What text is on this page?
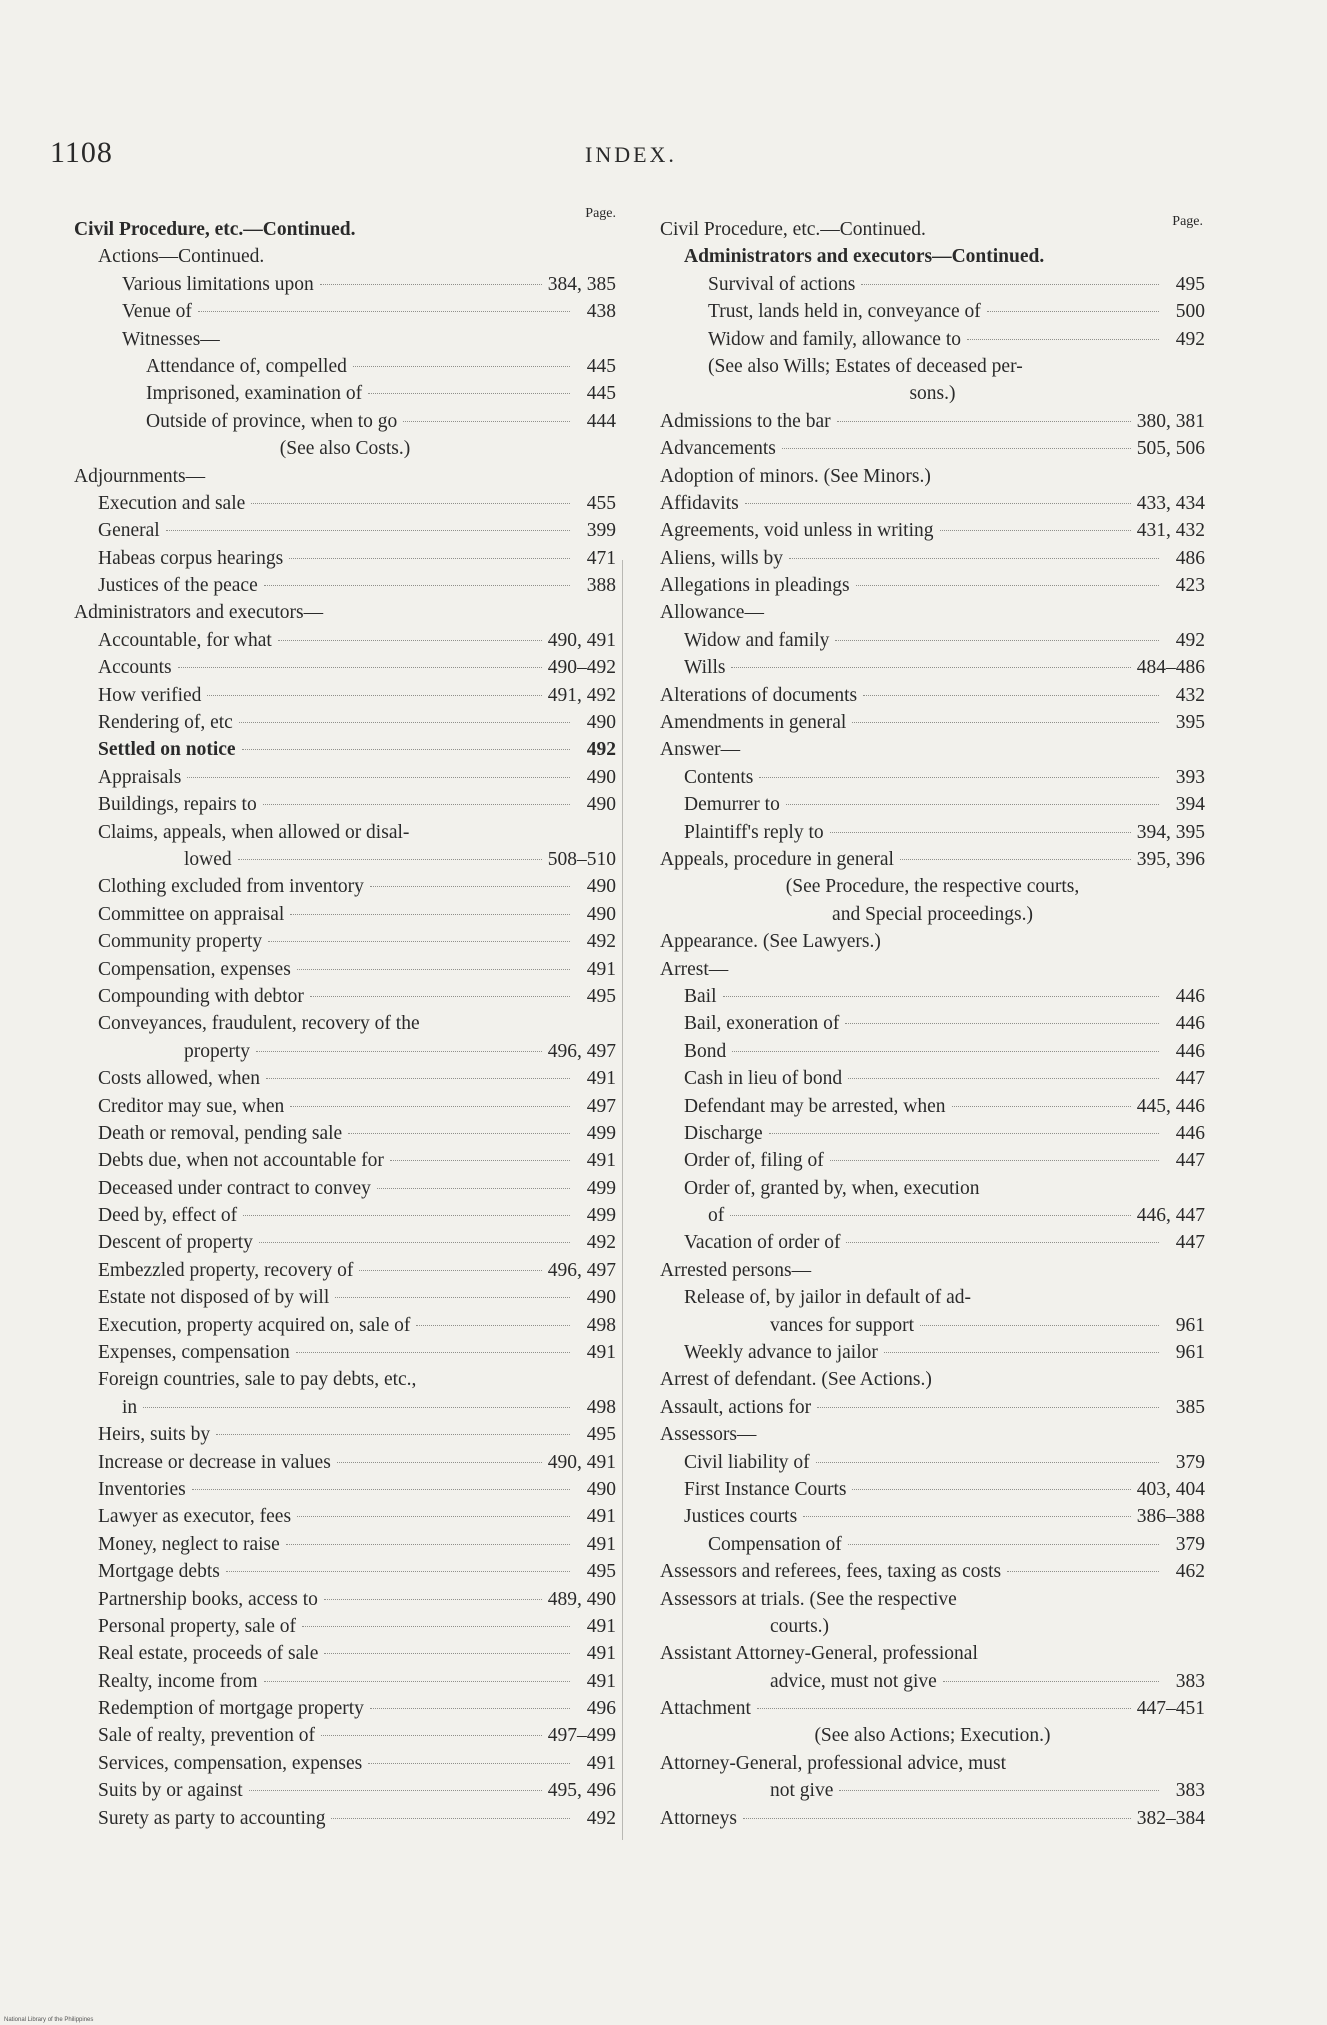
1108	INDEX.
Page.
Civil Procedure, etc.—Continued.
Actions—Continued.
Various limitations upon	384, 385
Venue of	438
Witnesses—
Attendance of, compelled	445
Imprisoned, examination of	445
Outside of province, when to go	444
(See also Costs.)
Adjournments—
Execution and sale	455
General	399
Habeas corpus hearings	471
Justices of the peace	388
Administrators and executors—
Accountable, for what	490, 491
Accounts	490–492
How verified	491, 492
Rendering of, etc	490
Settled on notice	492
Appraisals	490
Buildings, repairs to	490
Claims, appeals, when allowed or disal-
lowed	508–510
Clothing excluded from inventory	490
Committee on appraisal	490
Community property	492
Compensation, expenses	491
Compounding with debtor	495
Conveyances, fraudulent, recovery of the
property	496, 497
Costs allowed, when	491
Creditor may sue, when	497
Death or removal, pending sale	499
Debts due, when not accountable for	491
Deceased under contract to convey	499
Deed by, effect of	499
Descent of property	492
Embezzled property, recovery of	496, 497
Estate not disposed of by will	490
Execution, property acquired on, sale of	498
Expenses, compensation	491
Foreign countries, sale to pay debts, etc.,
in	498
Heirs, suits by	495
Increase or decrease in values	490, 491
Inventories	490
Lawyer as executor, fees	491
Money, neglect to raise	491
Mortgage debts	495
Partnership books, access to	489, 490
Personal property, sale of	491
Real estate, proceeds of sale	491
Realty, income from	491
Redemption of mortgage property	496
Sale of realty, prevention of	497–499
Services, compensation, expenses	491
Suits by or against	495, 496
Surety as party to accounting	492
Page.
Civil Procedure, etc.—Continued.
Administrators and executors—Continued.
Survival of actions	495
Trust, lands held in, conveyance of	500
Widow and family, allowance to	492
(See also Wills; Estates of deceased per-
sons.)
Admissions to the bar	380, 381
Advancements	505, 506
Adoption of minors. (See Minors.)
Affidavits	433, 434
Agreements, void unless in writing	431, 432
Aliens, wills by	486
Allegations in pleadings	423
Allowance—
Widow and family	492
Wills	484–486
Alterations of documents	432
Amendments in general	395
Answer—
Contents	393
Demurrer to	394
Plaintiff's reply to	394, 395
Appeals, procedure in general	395, 396
(See Procedure, the respective courts,
and Special proceedings.)
Appearance. (See Lawyers.)
Arrest—
Bail	446
Bail, exoneration of	446
Bond	446
Cash in lieu of bond	447
Defendant may be arrested, when	445, 446
Discharge	446
Order of, filing of	447
Order of, granted by, when, execution
of	446, 447
Vacation of order of	447
Arrested persons—
Release of, by jailor in default of ad-
vances for support	961
Weekly advance to jailor	961
Arrest of defendant. (See Actions.)
Assault, actions for	385
Assessors—
Civil liability of	379
First Instance Courts	403, 404
Justices courts	386–388
Compensation of	379
Assessors and referees, fees, taxing as costs	462
Assessors at trials. (See the respective
courts.)
Assistant Attorney-General, professional
advice, must not give	383
Attachment	447–451
(See also Actions; Execution.)
Attorney-General, professional advice, must
not give	383
Attorneys	382–384
National Library of the Philippines
